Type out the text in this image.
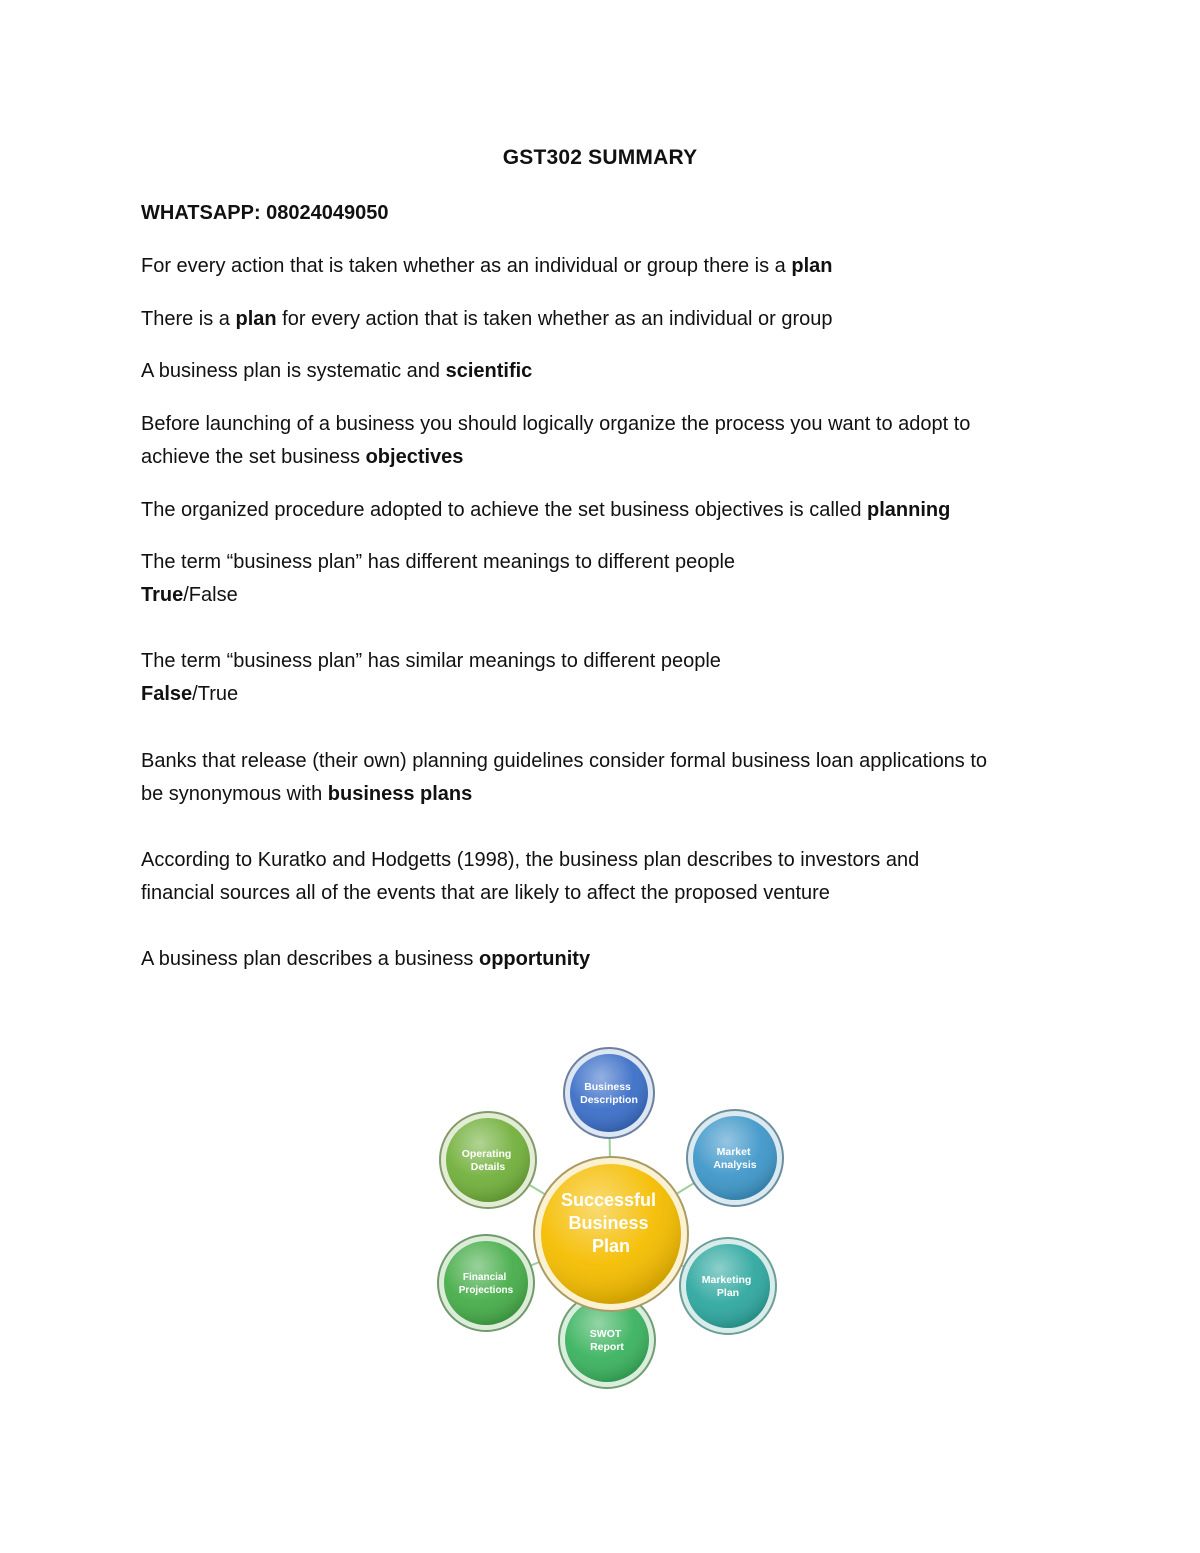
GST302 SUMMARY
WHATSAPP: 08024049050
For every action that is taken whether as an individual or group there is a plan
There is a plan for every action that is taken whether as an individual or group
A business plan is systematic and scientific
Before launching of a business you should logically organize the process you want to adopt to
achieve the set business objectives
The organized procedure adopted to achieve the set business objectives is called planning
The term “business plan” has different meanings to different people
True/False
The term “business plan” has similar meanings to different people
False/True
Banks that release (their own) planning guidelines consider formal business loan applications to
be synonymous with business plans
According to Kuratko and Hodgetts (1998), the business plan describes to investors and
financial sources all of the events that are likely to affect the proposed venture
A business plan describes a business opportunity
Business Description
Market Analysis
Marketing Plan
SWOT Report
Financial Projections
Operating Details
Successful Business Plan
